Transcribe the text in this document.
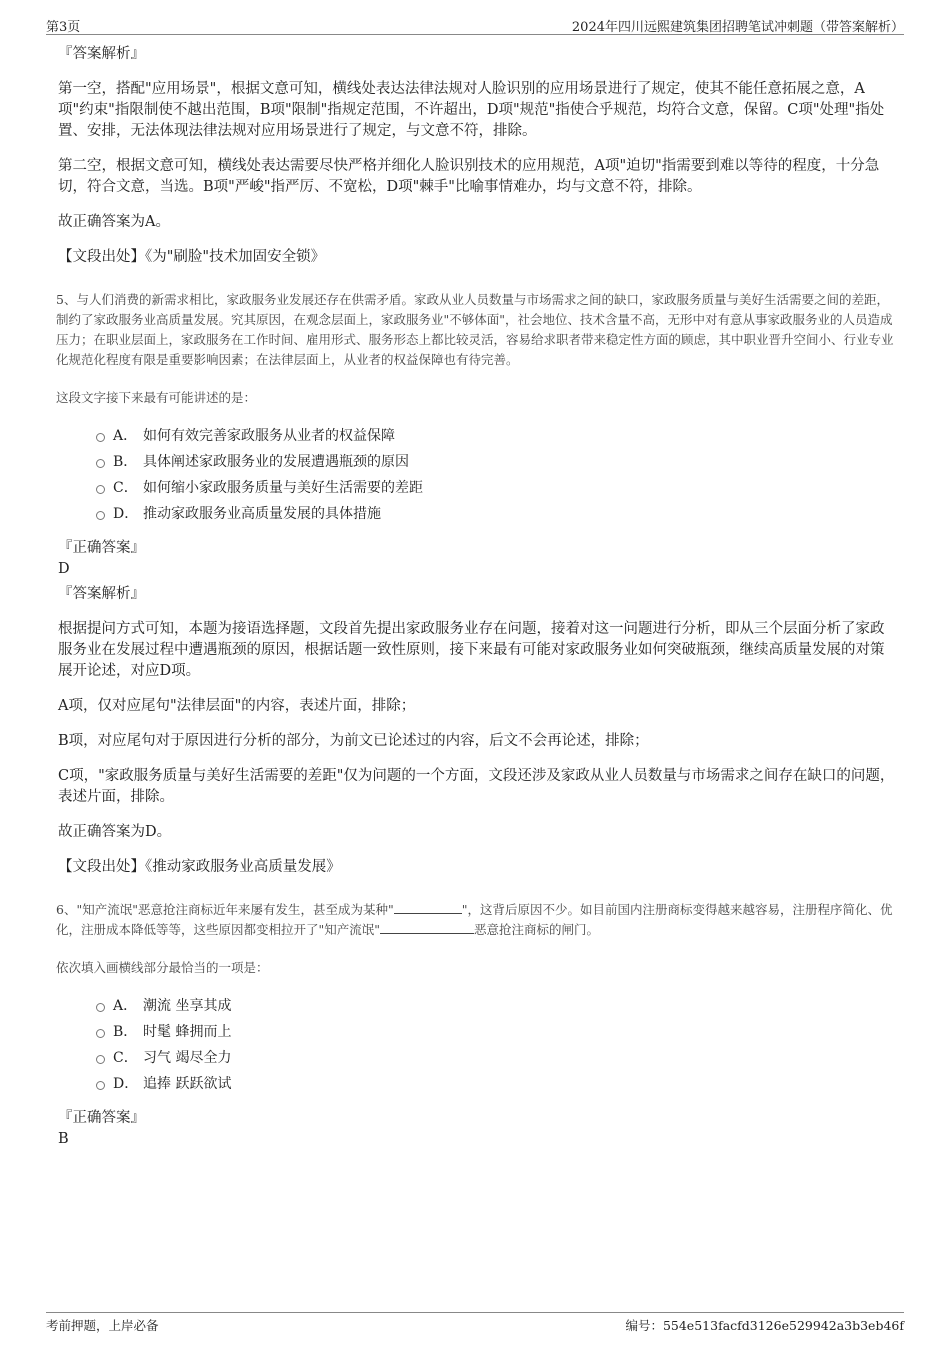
第3页	2024年四川远熙建筑集团招聘笔试冲刺题（带答案解析）
『答案解析』
第一空，搭配"应用场景"，根据文意可知，横线处表达法律法规对人脸识别的应用场景进行了规定，使其不能任意拓展之意，A项"约束"指限制使不越出范围，B项"限制"指规定范围，不许超出，D项"规范"指使合乎规范，均符合文意，保留。C项"处理"指处置、安排，无法体现法律法规对应用场景进行了规定，与文意不符，排除。
第二空，根据文意可知，横线处表达需要尽快严格并细化人脸识别技术的应用规范，A项"迫切"指需要到难以等待的程度，十分急切，符合文意，当选。B项"严峻"指严厉、不宽松，D项"棘手"比喻事情难办，均与文意不符，排除。
故正确答案为A。
【文段出处】《为"刷脸"技术加固安全锁》
5、与人们消费的新需求相比，家政服务业发展还存在供需矛盾。家政从业人员数量与市场需求之间的缺口，家政服务质量与美好生活需要之间的差距，制约了家政服务业高质量发展。究其原因，在观念层面上，家政服务业"不够体面"，社会地位、技术含量不高，无形中对有意从事家政服务业的人员造成压力；在职业层面上，家政服务在工作时间、雇用形式、服务形态上都比较灵活，容易给求职者带来稳定性方面的顾虑，其中职业晋升空间小、行业专业化规范化程度有限是重要影响因素；在法律层面上，从业者的权益保障也有待完善。
这段文字接下来最有可能讲述的是：
A． 如何有效完善家政服务从业者的权益保障
B． 具体阐述家政服务业的发展遭遇瓶颈的原因
C． 如何缩小家政服务质量与美好生活需要的差距
D． 推动家政服务业高质量发展的具体措施
『正确答案』
D
『答案解析』
根据提问方式可知，本题为接语选择题，文段首先提出家政服务业存在问题，接着对这一问题进行分析，即从三个层面分析了家政服务业在发展过程中遭遇瓶颈的原因，根据话题一致性原则，接下来最有可能对家政服务业如何突破瓶颈，继续高质量发展的对策展开论述，对应D项。
A项，仅对应尾句"法律层面"的内容，表述片面，排除；
B项，对应尾句对于原因进行分析的部分，为前文已论述过的内容，后文不会再论述，排除；
C项，"家政服务质量与美好生活需要的差距"仅为问题的一个方面，文段还涉及家政从业人员数量与市场需求之间存在缺口的问题，表述片面，排除。
故正确答案为D。
【文段出处】《推动家政服务业高质量发展》
6、"知产流氓"恶意抢注商标近年来屡有发生，甚至成为某种"	"，这背后原因不少。如目前国内注册商标变得越来越容易，注册程序简化、优化，注册成本降低等等，这些原因都变相拉开了"知产流氓"	恶意抢注商标的闸门。
依次填入画横线部分最恰当的一项是：
A． 潮流 坐享其成
B． 时髦 蜂拥而上
C． 习气 竭尽全力
D． 追捧 跃跃欲试
『正确答案』
B
考前押题，上岸必备	编号：554e513facfd3126e529942a3b3eb46f
